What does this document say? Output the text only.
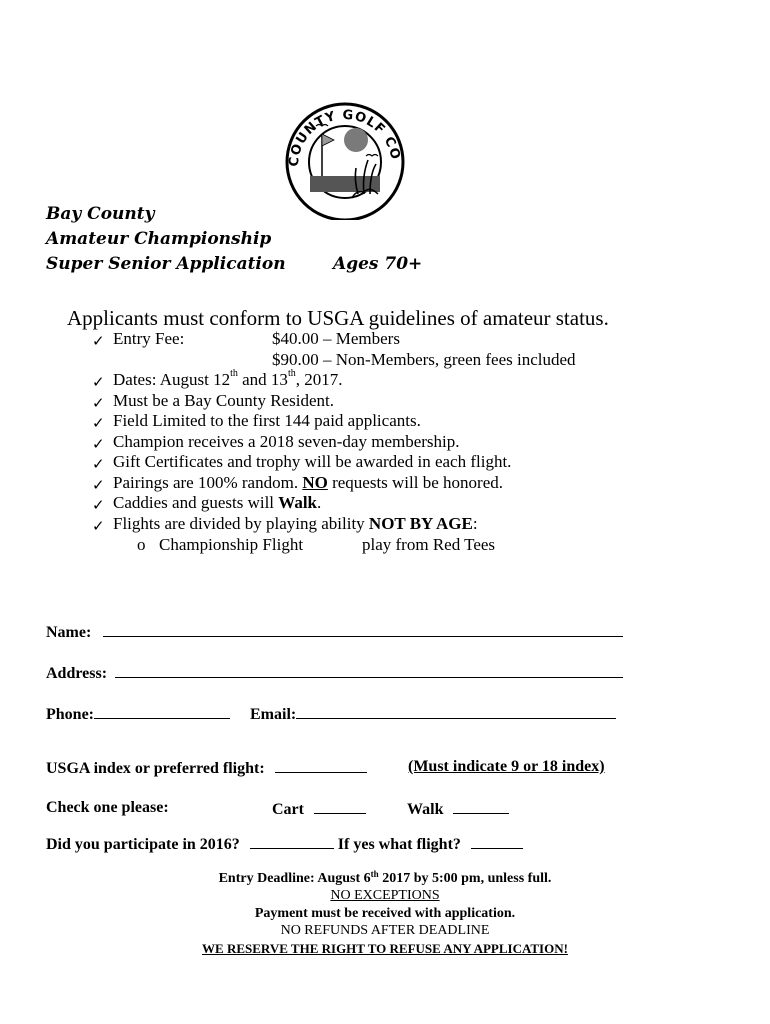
COUNTY GOLF CO
Bay County
Amateur Championship
Super Senior Application	Ages 70+
Applicants must conform to USGA guidelines of amateur status.
✓ Entry Fee:	$40.00 – Members
$90.00 – Non-Members, green fees included
✓ Dates: August 12th and 13th, 2017.
✓ Must be a Bay County Resident.
✓ Field Limited to the first 144 paid applicants.
✓ Champion receives a 2018 seven-day membership.
✓ Gift Certificates and trophy will be awarded in each flight.
✓ Pairings are 100% random. NO requests will be honored.
✓ Caddies and guests will Walk.
✓ Flights are divided by playing ability NOT BY AGE:
o Championship Flight	play from Red Tees
Name:
Address:
Phone:	Email:
USGA index or preferred flight:	(Must indicate 9 or 18 index)
Check one please:	Cart	Walk
Did you participate in 2016?	If yes what flight?
Entry Deadline: August 6th 2017 by 5:00 pm, unless full.
NO EXCEPTIONS
Payment must be received with application.
NO REFUNDS AFTER DEADLINE
WE RESERVE THE RIGHT TO REFUSE ANY APPLICATION!
